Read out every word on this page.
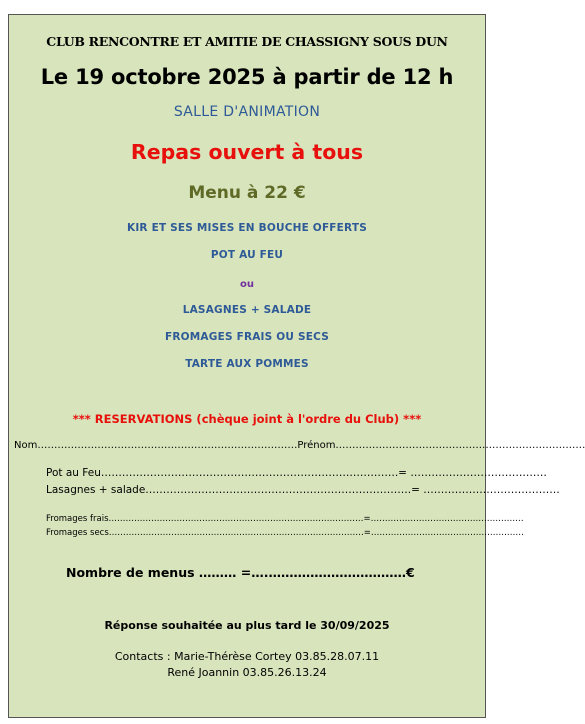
CLUB RENCONTRE ET AMITIE DE CHASSIGNY SOUS DUN
Le 19 octobre 2025 à partir de 12 h
SALLE D'ANIMATION
Repas ouvert à tous
Menu à 22 €
KIR ET SES MISES EN BOUCHE OFFERTS
POT AU FEU
ou
LASAGNES + SALADE
FROMAGES FRAIS OU SECS
TARTE AUX POMMES
*** RESERVATIONS (chèque joint à l'ordre du Club) ***
Nom……………………………………………………………………Prénom…………………………………………………………………
Pot au Feu………………………………………………………………………….= …………………………………
Lasagnes + salade………………………………………………………………….= …………………………………
Fromages frais………………………………………………………………………………=………………………………………………
Fromages secs………………………………………………………………………………=………………………………………………
Nombre de menus ……… =….……………………………€
Réponse souhaitée au plus tard le 30/09/2025
Contacts : Marie-Thérèse Cortey 03.85.28.07.11
René Joannin 03.85.26.13.24
